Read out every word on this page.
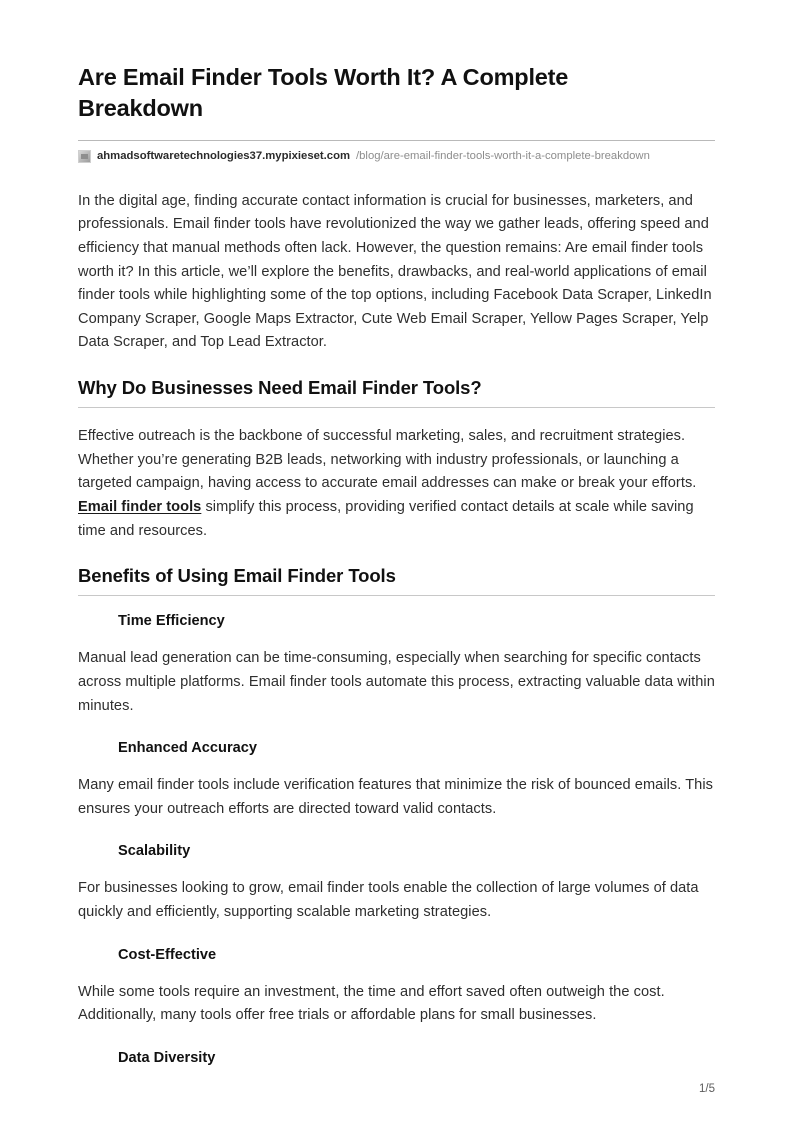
Are Email Finder Tools Worth It? A Complete Breakdown
ahmadsoftwaretechnologies37.mypixieset.com /blog/are-email-finder-tools-worth-it-a-complete-breakdown

In the digital age, finding accurate contact information is crucial for businesses, marketers, and professionals. Email finder tools have revolutionized the way we gather leads, offering speed and efficiency that manual methods often lack. However, the question remains: Are email finder tools worth it? In this article, we’ll explore the benefits, drawbacks, and real-world applications of email finder tools while highlighting some of the top options, including Facebook Data Scraper, LinkedIn Company Scraper, Google Maps Extractor, Cute Web Email Scraper, Yellow Pages Scraper, Yelp Data Scraper, and Top Lead Extractor.

Why Do Businesses Need Email Finder Tools?

Effective outreach is the backbone of successful marketing, sales, and recruitment strategies. Whether you’re generating B2B leads, networking with industry professionals, or launching a targeted campaign, having access to accurate email addresses can make or break your efforts. Email finder tools simplify this process, providing verified contact details at scale while saving time and resources.

Benefits of Using Email Finder Tools
Time Efficiency

Manual lead generation can be time-consuming, especially when searching for specific contacts across multiple platforms. Email finder tools automate this process, extracting valuable data within minutes.

Enhanced Accuracy

Many email finder tools include verification features that minimize the risk of bounced emails. This ensures your outreach efforts are directed toward valid contacts.

Scalability

For businesses looking to grow, email finder tools enable the collection of large volumes of data quickly and efficiently, supporting scalable marketing strategies.

Cost-Effective

While some tools require an investment, the time and effort saved often outweigh the cost. Additionally, many tools offer free trials or affordable plans for small businesses.

Data Diversity
1/5
